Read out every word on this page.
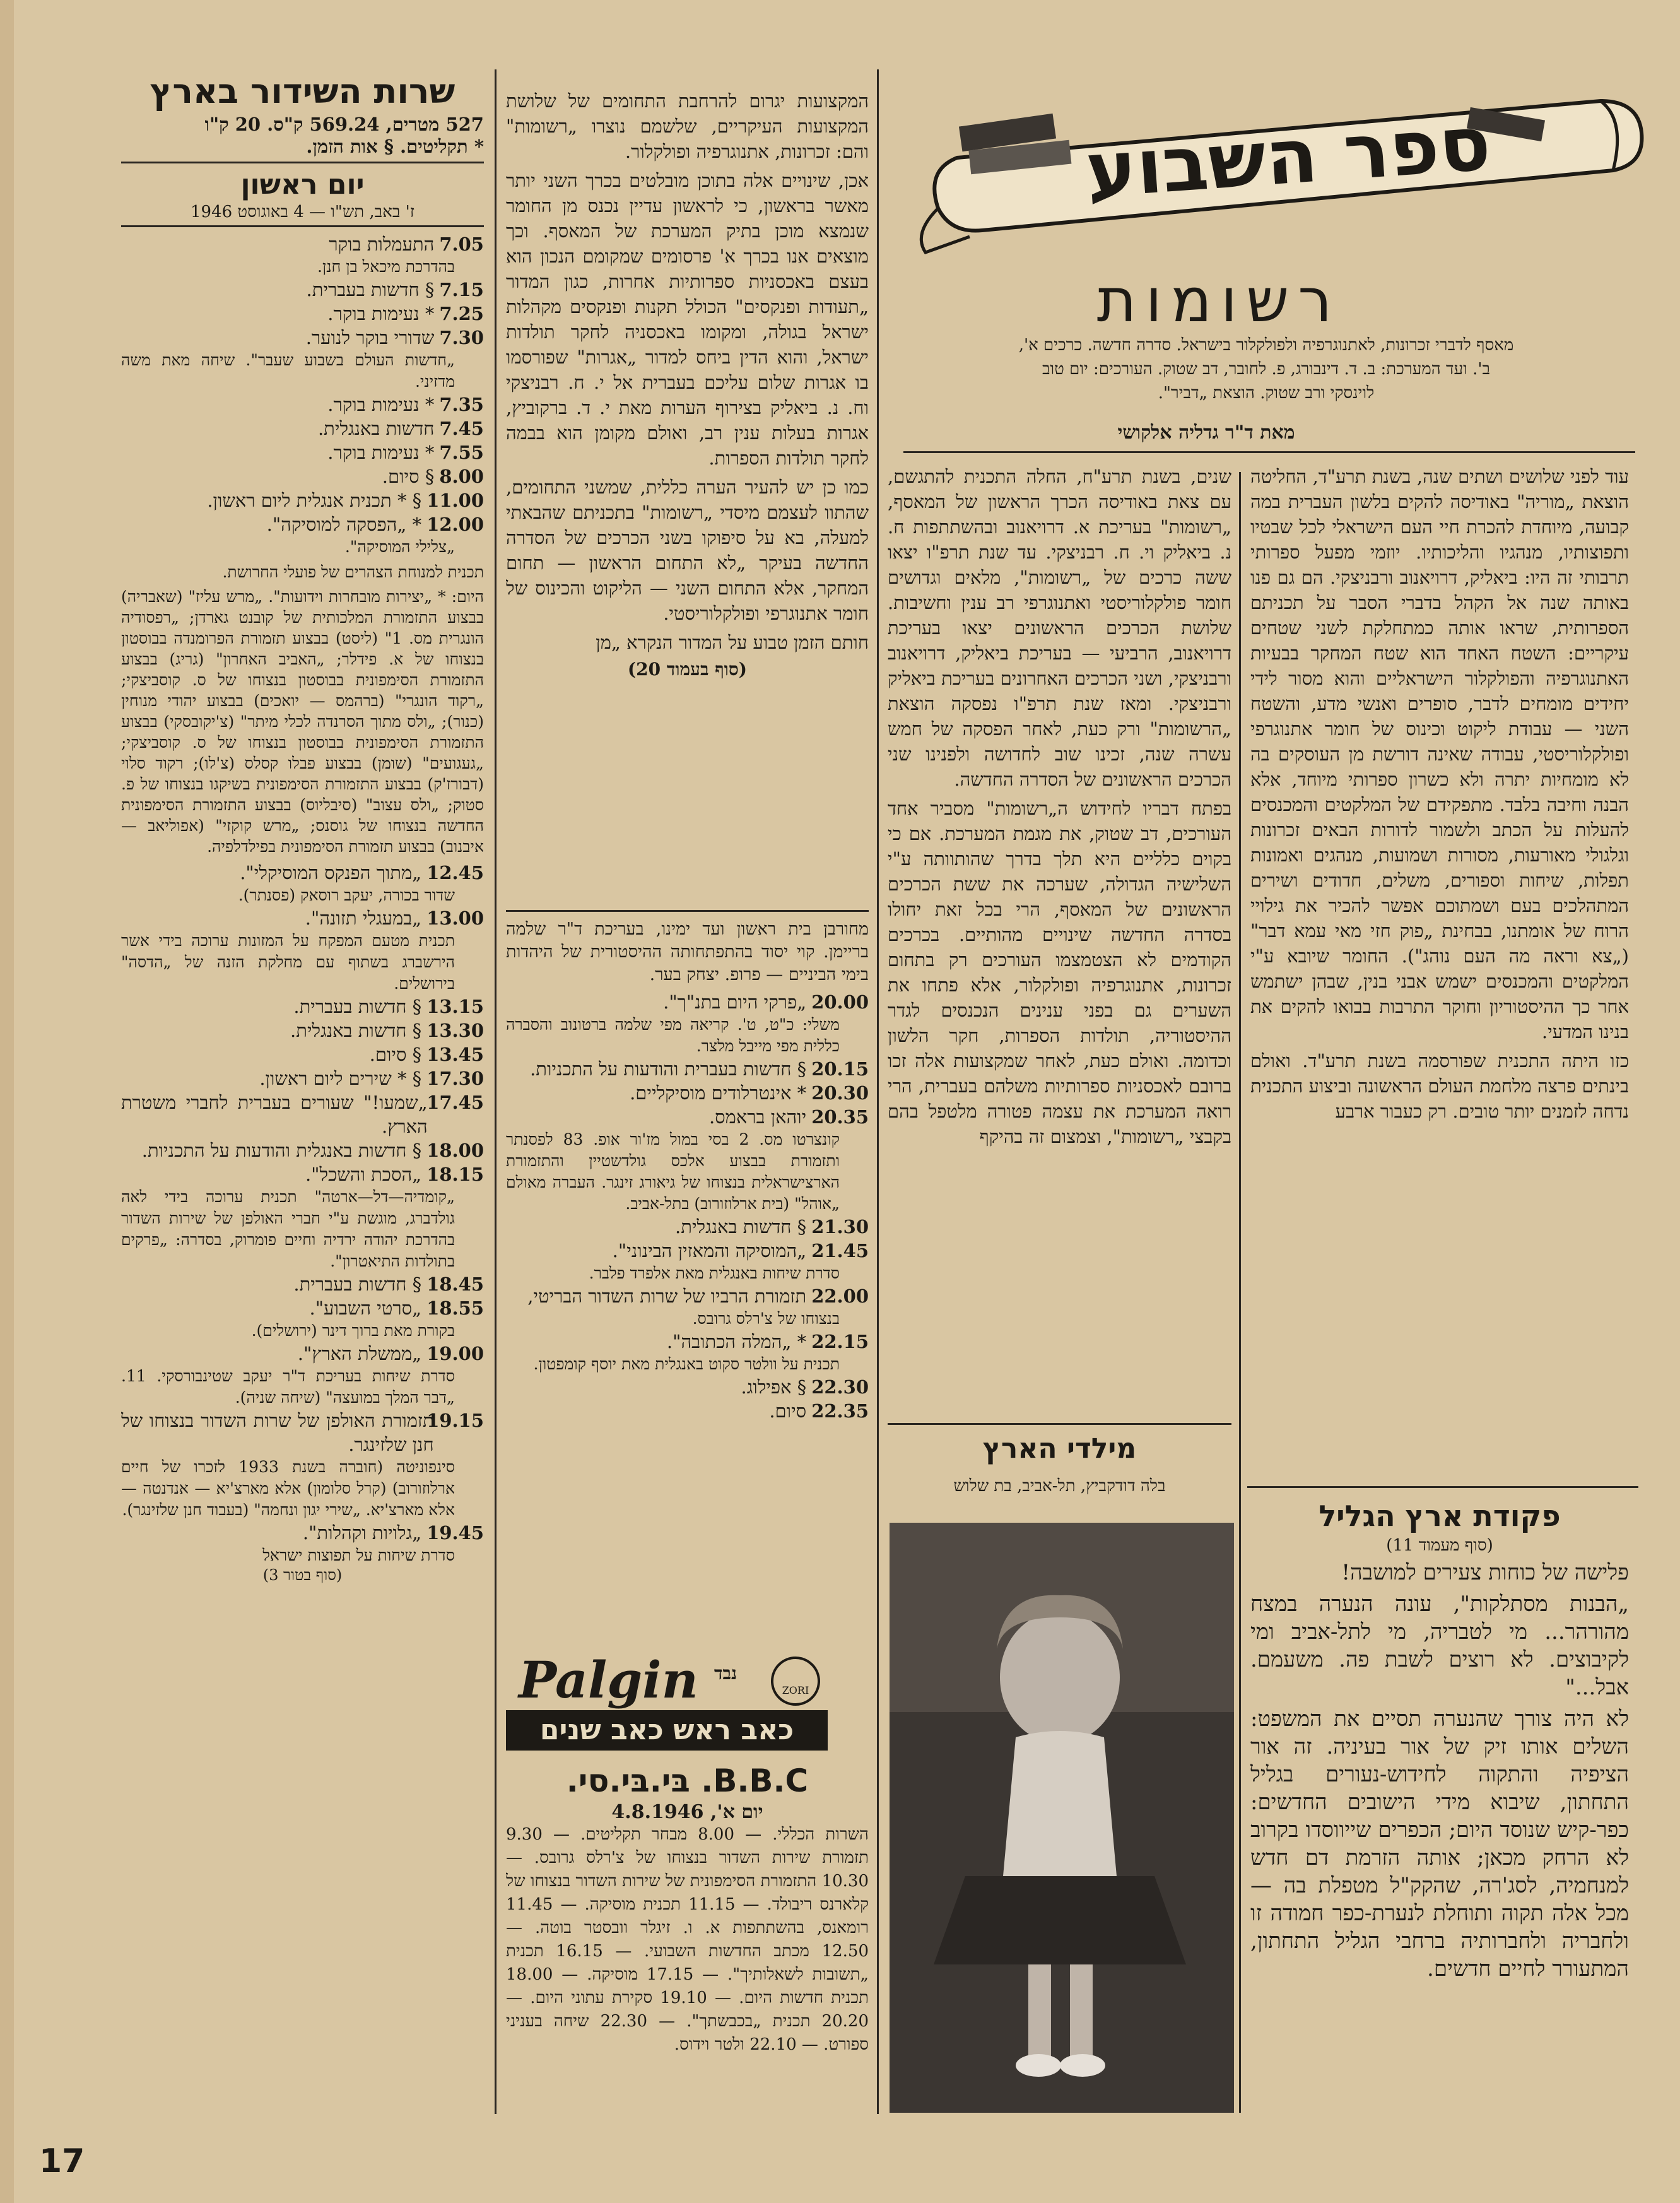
ספר השבוע
רשומות
מאסף לדברי זכרונות, לאתנוגרפיה ולפולקלור בישראל. סדרה חדשה. כרכים א',
ב'. ועד המערכת: ב. ד. דינבורג, פ. לחובר, דב שטוק. העורכים: יום טוב
לוינסקי ורב שטוק. הוצאת „דביר".
מאת ד"ר גדליה אלקושי

עוד לפני שלושים ושתים שנה, בשנת תרע"ד, החליטה הוצאת „מוריה" באודיסה להקים בלשון העברית במה קבועה, מיוחדת להכרת חיי העם הישראלי לכל שבטיו ותפוצותיו, מנהגיו והליכותיו. יוזמי מפעל ספרותי תרבותי זה היו: ביאליק, דרויאנוב ורבניצקי. הם גם פנו באותה שנה אל הקהל בדברי הסבר על תכניתם הספרותית, שראו אותה כמתחלקת לשני שטחים עיקריים: השטח האחד הוא שטח המחקר בבעיות האתנוגרפיה והפולקלור הישראליים והוא מסור לידי יחידים מומחים לדבר, סופרים ואנשי מדע, והשטח השני — עבודת ליקוט וכינוס של חומר אתנוגרפי ופולקלוריסטי, עבודה שאינה דורשת מן העוסקים בה לא מומחיות יתרה ולא כשרון ספרותי מיוחד, אלא הבנה וחיבה בלבד. מתפקידם של המלקטים והמכנסים להעלות על הכתב ולשמור לדורות הבאים זכרונות וגלגולי מאורעות, מסורות ושמועות, מנהגים ואמונות תפלות, שיחות וספורים, משלים, חדודים ושירים המתהלכים בעם ושמתוכם אפשר להכיר את גילויי הרוח של אומתנו, בבחינת „פוק חזי מאי עמא דבר" („צא וראה מה העם נוהג"). החומר שיובא ע"י המלקטים והמכנסים ישמש אבני בנין, שבהן ישתמש אחר כך ההיסטוריון וחוקר התרבות בבואו להקים את בנינו המדעי.

כזו היתה התכנית שפורסמה בשנת תרע"ד. ואולם בינתים פרצה מלחמת העולם הראשונה וביצוע התכנית נדחה לזמנים יותר טובים. רק כעבור ארבע

שנים, בשנת תרע"ח, החלה התכנית להתגשם, עם צאת באודיסה הכרך הראשון של המאסף, „רשומות" בעריכת א. דרויאנוב ובהשתתפות ח. נ. ביאליק וי. ח. רבניצקי. עד שנת תרפ"ו יצאו ששה כרכים של „רשומות", מלאים וגדושים חומר פולקלוריסטי ואתנוגרפי רב ענין וחשיבות. שלושת הכרכים הראשונים יצאו בעריכת דרויאנוב, הרביעי — בעריכת ביאליק, דרויאנוב ורבניצקי, ושני הכרכים האחרונים בעריכת ביאליק ורבניצקי. ומאז שנת תרפ"ו נפסקה הוצאת „הרשומות" ורק כעת, לאחר הפסקה של חמש עשרה שנה, זכינו שוב לחדושה ולפנינו שני הכרכים הראשונים של הסדרה החדשה.

בפתח דבריו לחידוש ה„רשומות" מסביר אחד העורכים, דב שטוק, את מגמת המערכת. אם כי בקוים כלליים היא תלך בדרך שהותוותה ע"י השלישיה הגדולה, שערכה את ששת הכרכים הראשונים של המאסף, הרי בכל זאת יחולו בסדרה החדשה שינויים מהותיים. בכרכים הקודמים לא הצטמצמו העורכים רק בתחום זכרונות, אתנוגרפיה ופולקלור, אלא פתחו את השערים גם בפני ענינים הנכנסים לגדר ההיסטוריה, תולדות הספרות, חקר הלשון וכדומה. ואולם כעת, לאחר שמקצועות אלה זכו ברובם לאכסניות ספרותיות משלהם בעברית, הרי רואה המערכת את עצמה פטורה מלטפל בהם בקבצי „רשומות", וצמצום זה בהיקף

פקודת ארץ הגליל
(סוף מעמוד 11)

פלישה של כוחות צעירים למושבה!

„הבנות מסתלקות", עונה הנערה במצח מהורהר... מי לטבריה, מי לתל-אביב ומי לקיבוצים. לא רוצים לשבת פה. משעמם. אבל..."

לא היה צורך שהנערה תסיים את המשפט: השלים אותו זיק של אור בעיניה. זה אור הציפיה והתקוה לחידוש-נעורים בגליל התחתון, שיבוא מידי הישובים החדשים: כפר-קיש שנוסד היום; הכפרים שייווסדו בקרוב לא הרחק מכאן; אותה הזרמת דם חדש למנחמיה, לסג'רה, שהקק"ל מטפלת בה — מכל אלה תקוה ותוחלת לנערת-כפר חמודה זו ולחבריה ולחברותיה ברחבי הגליל התחתון, המתעורר לחיים חדשים.

מילדי הארץ
בלה דודקביץ, תל-אביב, בת שלוש

המקצועות יגרום להרחבת התחומים של שלושת המקצועות העיקריים, שלשמם נוצרו „רשומות" והם: זכרונות, אתנוגרפיה ופולקלור.

אכן, שינויים אלה בתוכן מובלטים בכרך השני יותר מאשר בראשון, כי לראשון עדיין נכנס מן החומר שנמצא מוכן בתיק המערכת של המאסף. וכך מוצאים אנו בכרך א' פרסומים שמקומם הנכון הוא בעצם באכסניות ספרותיות אחרות, כגון המדור „תעודות ופנקסים" הכולל תקנות ופנקסים מקהלות ישראל בגולה, ומקומו באכסניה לחקר תולדות ישראל, והוא הדין ביחס למדור „אגרות" שפורסמו בו אגרות שלום עליכם בעברית אל י. ח. רבניצקי וח. נ. ביאליק בצירוף הערות מאת י. ד. ברקוביץ, אגרות בעלות ענין רב, ואולם מקומן הוא בבמה לחקר תולדות הספרות.

כמו כן יש להעיר הערה כללית, שמשני התחומים, שהתוו לעצמם מיסדי „רשומות" בתכניתם שהבאתי למעלה, בא על סיפוקו בשני הכרכים של הסדרה החדשה בעיקר „לא התחום הראשון — תחום המחקר, אלא התחום השני — הליקוט והכינוס של חומר אתנוגרפי ופולקלוריסטי.

חותם הזמן טבוע על המדור הנקרא „מן

(סוף בעמוד 20)

מחורבן בית ראשון ועד ימינו, בעריכת ד"ר שלמה בריימן. קוי יסוד בהתפתחותה ההיסטורית של היהדות בימי הביניים — פרופ. יצחק בער.

20.00
„פרקי היום בתנ"ך".
משלי: כ"ט, ט'. קריאה מפי שלמה ברטונוב והסברה כללית מפי מייבל מלצר.
20.15
§ חדשות בעברית והודעות על התכניות.
20.30
* אינטרלודים מוסיקליים.
20.35
יוהאן בראמס.
קונצרטו מס. 2 בסי במול מז'ור אופ. 83 לפסנתר ותזמורת בבצוע אלכס גולדשטיין והתזמורת הארצישראלית בנצוחו של גיאורג זינגר. העברה מאולם „אוהל" (בית ארלוזורוב) בתל-אביב.
21.30
§ חדשות באנגלית.
21.45
„המוסיקה והמאזין הבינוני".
סדרת שיחות באנגלית מאת אלפרד פלבר.
22.00
תזמורת הרביו של שרות השדור הבריטי,
בנצוחו של צ'רלס גרובס.
22.15
* „המלה הכתובה".
תכנית על וולטר סקוט באנגלית מאת יוסף קומפטון.
22.30
§ אפילוג.
22.35
סיום.
Palgin נבד
ZORI
כאב ראש כאב שנים
B.B.C. בּי.בּי.סי.
יום א', 4.8.1946

השרות הכללי. — 8.00 מבחר תקליטים. — 9.30 תזמורת שירות השדור בנצוחו של צ'רלס גרובס. — 10.30 התזמורת הסימפונית של שירות השדור בנצוחו של קלארנס ריבולד. — 11.15 תכנית מוסיקה. — 11.45 רומאנס, בהשתתפות א. ו. זיגלר וובסטר בוטה. — 12.50 מכתב החדשות השבועי. — 16.15 תכנית „תשובות לשאלותיך". — 17.15 מוסיקה. — 18.00 תכנית חדשות היום. — 19.10 סקירת עתוני היום. — 20.20 תכנית „בכבשתך". — 22.30 שיחה בעניני ספורט. — 22.10 ולטר וידוס.

שרות השידור בארץ
527 מטרים, 569.24 ק"ס. 20 ק"ו
* תקליטים. § אות הזמן.
יום ראשון
ז' באב, תש"ו — 4 באוגוסט 1946
7.05
התעמלות בוקר
בהדרכת מיכאל בן חנן.
7.15
§ חדשות בעברית.
7.25
* נעימות בוקר.
7.30
שדורי בוקר לנוער.
„חדשות העולם בשבוע שעבר". שיחה מאת משה מדזיני.
7.35
* נעימות בוקר.
7.45
חדשות באנגלית.
7.55
* נעימות בוקר.
8.00
§ סיום.
11.00
§ * תכנית אנגלית ליום ראשון.
12.00
* „הפסקה למוסיקה".
„צלילי המוסיקה".

תכנית למנוחת הצהרים של פועלי החרושת.

היום: * „יצירות מובחרות וידועות". „מרש עליז" (שאבריה) בבצוע התזמורת המלכותית של קובנט גארדן; „רפסודיה הונגרית מס. 1" (ליסט) בבצוע תזמורת הפרומנדה בבוסטון בנצוחו של א. פידלר; „האביב האחרון" (גריג) בבצוע התזמורת הסימפונית בבוסטון בנצוחו של ס. קוסביצקי; „רקוד הונגרי" (ברהמס — יואכים) בבצוע יהודי מנוחין (כנור); „ולס מתוך הסרנדה לכלי מיתר" (צ'יקובסקי) בבצוע התזמורת הסימפונית בבוסטון בנצוחו של ס. קוסביצקי; „געגועים" (שומן) בבצוע פבלו קסלס (צ'לו); רקוד סלוי (דבורז'ק) בבצוע התזמורת הסימפונית בשיקגו בנצוחו של פ. סטוק; „ולס עצוב" (סיבליוס) בבצוע התזמורת הסימפונית החדשה בנצוחו של גוסנס; „מרש קוקזי" (אפוליאב — איבנוב) בבצוע תזמורת הסימפונית בפילדלפיה.

12.45
„מתוך הפנקס המוסיקלי".
שדור בכורה, יעקב רוסאק (פסנתר).
13.00
„במעגלי תזונה".
תכנית מטעם המפקח על המזונות ערוכה בידי אשר הירשברג בשתוף עם מחלקת הזנה של „הדסה" בירושלים.
13.15
§ חדשות בעברית.
13.30
§ חדשות באנגלית.
13.45
§ סיום.
17.30
§ * שירים ליום ראשון.
17.45
„שמעו!" שעורים בעברית לחברי משטרת הארץ.
18.00
§ חדשות באנגלית והודעות על התכניות.
18.15
„הסכת והשכל".
„קומדיה—דל—ארטה" תכנית ערוכה בידי לאה גולדברג, מוגשת ע"י חברי האולפן של שירות השדור בהדרכת יהודה ירדיה וחיים פומרוק, בסדרה: „פרקים בתולדות התיאטרון".
18.45
§ חדשות בעברית.
18.55
„סרטי השבוע".
בקורת מאת ברוך דינר (ירושלים).
19.00
„ממשלת הארץ".
סדרת שיחות בעריכת ד"ר יעקב שטינבורסקי. 11. „דבר המלך במועצה" (שיחה שניה).
19.15
תזמורת האולפן של שרות השדור בנצוחו של חנן שלזינגר.
סינפוניטה (חוברה בשנת 1933 לזכרו של חיים ארלוזורוב) (קרל סלומון) אלא מארצ'יא — אנדנטה — אלא מארצ'יא. „שירי יגון ונחמה" (בעבוד חנן שלזינגר).
19.45
„גלויות וקהלות".
סדרת שיחות על תפוצות ישראל
(סוף בטור 3)
17
